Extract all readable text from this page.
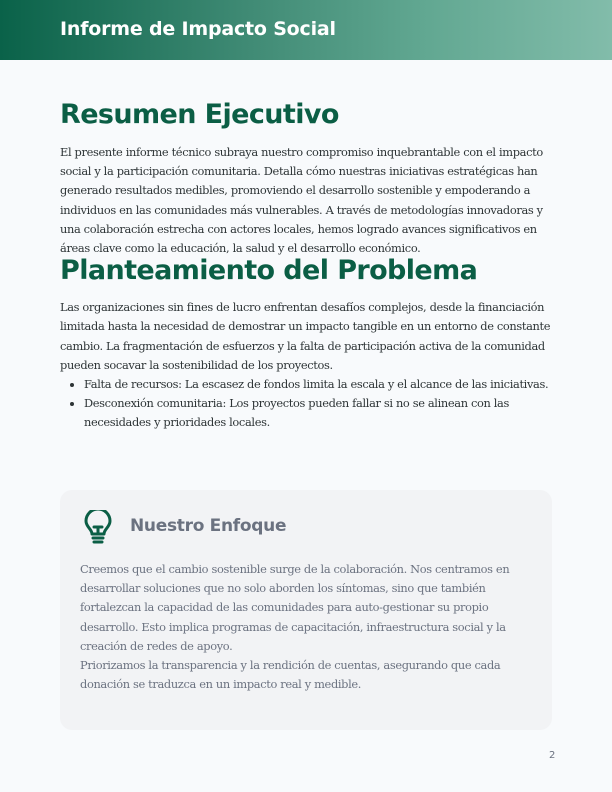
Informe de Impacto Social
Resumen Ejecutivo

El presente informe técnico subraya nuestro compromiso inquebrantable con el impacto social y la participación comunitaria. Detalla cómo nuestras iniciativas estratégicas han generado resultados medibles, promoviendo el desarrollo sostenible y empoderando a individuos en las comunidades más vulnerables. A través de metodologías innovadoras y una colaboración estrecha con actores locales, hemos logrado avances significativos en áreas clave como la educación, la salud y el desarrollo económico.

Planteamiento del Problema

Las organizaciones sin fines de lucro enfrentan desafíos complejos, desde la financiación limitada hasta la necesidad de demostrar un impacto tangible en un entorno de constante cambio. La fragmentación de esfuerzos y la falta de participación activa de la comunidad pueden socavar la sostenibilidad de los proyectos.

Falta de recursos: La escasez de fondos limita la escala y el alcance de las iniciativas.
Desconexión comunitaria: Los proyectos pueden fallar si no se alinean con las necesidades y prioridades locales.
Nuestro Enfoque

Creemos que el cambio sostenible surge de la colaboración. Nos centramos en desarrollar soluciones que no solo aborden los síntomas, sino que también fortalezcan la capacidad de las comunidades para auto-gestionar su propio desarrollo. Esto implica programas de capacitación, infraestructura social y la creación de redes de apoyo.

Priorizamos la transparencia y la rendición de cuentas, asegurando que cada donación se traduzca en un impacto real y medible.

2
